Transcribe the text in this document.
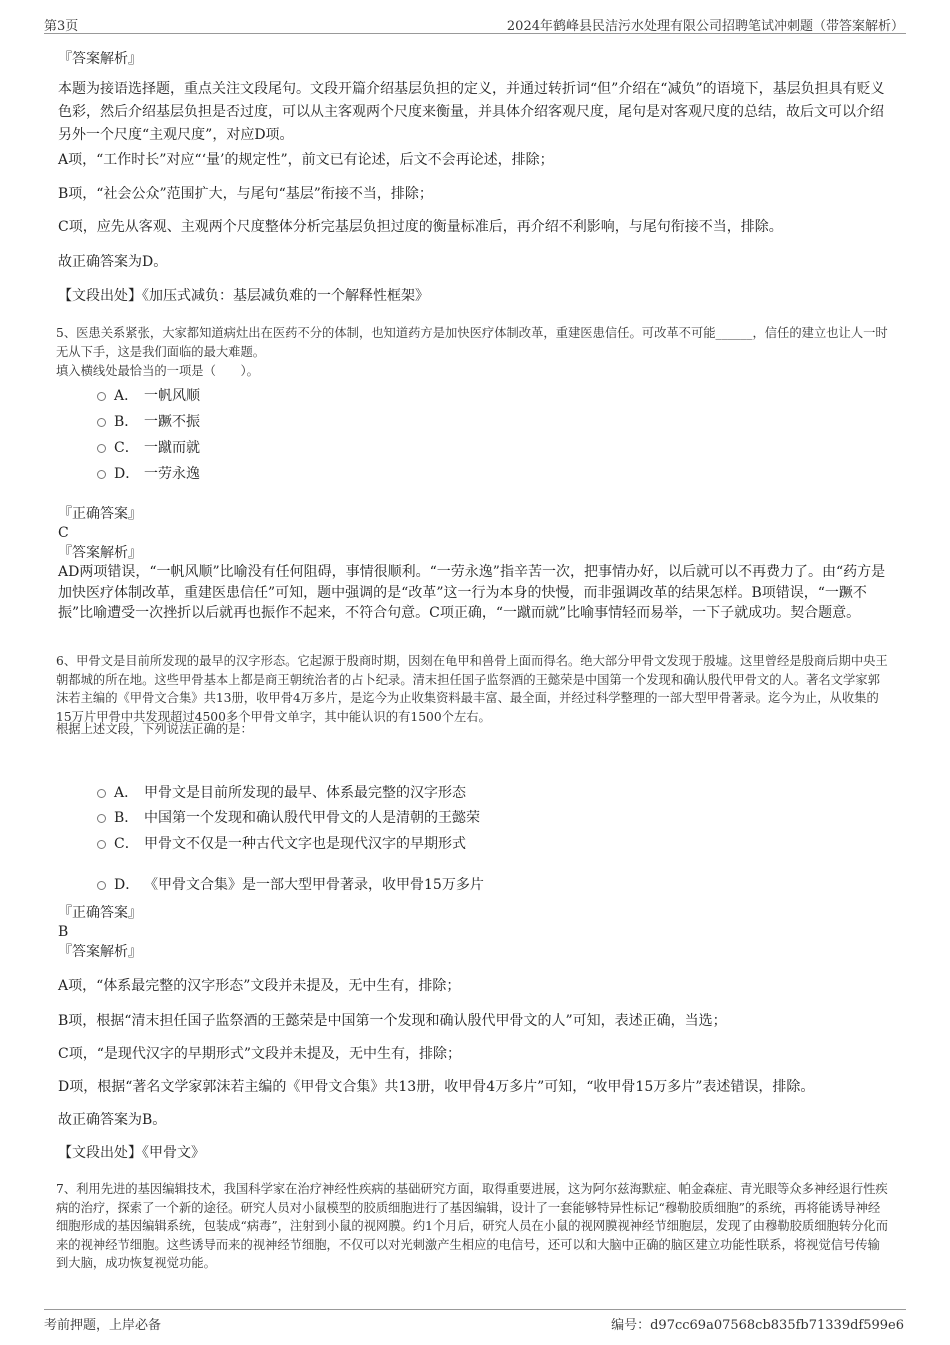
第3页	2024年鹤峰县民洁污水处理有限公司招聘笔试冲刺题（带答案解析）
『答案解析』
本题为接语选择题，重点关注文段尾句。文段开篇介绍基层负担的定义，并通过转折词“但”介绍在“减负”的语境下，基层负担具有贬义色彩，然后介绍基层负担是否过度，可以从主客观两个尺度来衡量，并具体介绍客观尺度，尾句是对客观尺度的总结，故后文可以介绍另外一个尺度“主观尺度”，对应D项。
A项，“工作时长”对应“‘量’的规定性”，前文已有论述，后文不会再论述，排除；
B项，“社会公众”范围扩大，与尾句“基层”衔接不当，排除；
C项，应先从客观、主观两个尺度整体分析完基层负担过度的衡量标准后，再介绍不利影响，与尾句衔接不当，排除。
故正确答案为D。
【文段出处】《加压式减负：基层减负难的一个解释性框架》
5、医患关系紧张，大家都知道病灶出在医药不分的体制，也知道药方是加快医疗体制改革，重建医患信任。可改革不可能______，信任的建立也让人一时无从下手，这是我们面临的最大难题。
填入横线处最恰当的一项是（　　）。
A． 一帆风顺
B． 一蹶不振
C． 一蹴而就
D． 一劳永逸
『正确答案』
C
『答案解析』
AD两项错误，“一帆风顺”比喻没有任何阻碍，事情很顺利。“一劳永逸”指辛苦一次，把事情办好，以后就可以不再费力了。由“药方是加快医疗体制改革，重建医患信任”可知，题中强调的是“改革”这一行为本身的快慢，而非强调改革的结果怎样。B项错误，“一蹶不振”比喻遭受一次挫折以后就再也振作不起来，不符合句意。C项正确，“一蹴而就”比喻事情轻而易举，一下子就成功。契合题意。
6、甲骨文是目前所发现的最早的汉字形态。它起源于殷商时期，因刻在龟甲和兽骨上面而得名。绝大部分甲骨文发现于殷墟。这里曾经是殷商后期中央王朝都城的所在地。这些甲骨基本上都是商王朝统治者的占卜纪录。清末担任国子监祭酒的王懿荣是中国第一个发现和确认殷代甲骨文的人。著名文学家郭沫若主编的《甲骨文合集》共13册，收甲骨4万多片，是迄今为止收集资料最丰富、最全面，并经过科学整理的一部大型甲骨著录。迄今为止，从收集的15万片甲骨中共发现超过4500多个甲骨文单字，其中能认识的有1500个左右。
根据上述文段，下列说法正确的是：
A． 甲骨文是目前所发现的最早、体系最完整的汉字形态
B． 中国第一个发现和确认殷代甲骨文的人是清朝的王懿荣
C． 甲骨文不仅是一种古代文字也是现代汉字的早期形式
D． 《甲骨文合集》是一部大型甲骨著录，收甲骨15万多片
『正确答案』
B
『答案解析』
A项，“体系最完整的汉字形态”文段并未提及，无中生有，排除；
B项，根据“清末担任国子监祭酒的王懿荣是中国第一个发现和确认殷代甲骨文的人”可知，表述正确，当选；
C项，“是现代汉字的早期形式”文段并未提及，无中生有，排除；
D项，根据“著名文学家郭沫若主编的《甲骨文合集》共13册，收甲骨4万多片”可知，“收甲骨15万多片”表述错误，排除。
故正确答案为B。
【文段出处】《甲骨文》
7、利用先进的基因编辑技术，我国科学家在治疗神经性疾病的基础研究方面，取得重要进展，这为阿尔兹海默症、帕金森症、青光眼等众多神经退行性疾病的治疗，探索了一个新的途径。研究人员对小鼠模型的胶质细胞进行了基因编辑，设计了一套能够特异性标记“穆勒胶质细胞”的系统，再将能诱导神经细胞形成的基因编辑系统，包装成“病毒”，注射到小鼠的视网膜。约1个月后，研究人员在小鼠的视网膜视神经节细胞层，发现了由穆勒胶质细胞转分化而来的视神经节细胞。这些诱导而来的视神经节细胞，不仅可以对光刺激产生相应的电信号，还可以和大脑中正确的脑区建立功能性联系，将视觉信号传输到大脑，成功恢复视觉功能。
考前押题，上岸必备	编号：d97cc69a07568cb835fb71339df599e6
